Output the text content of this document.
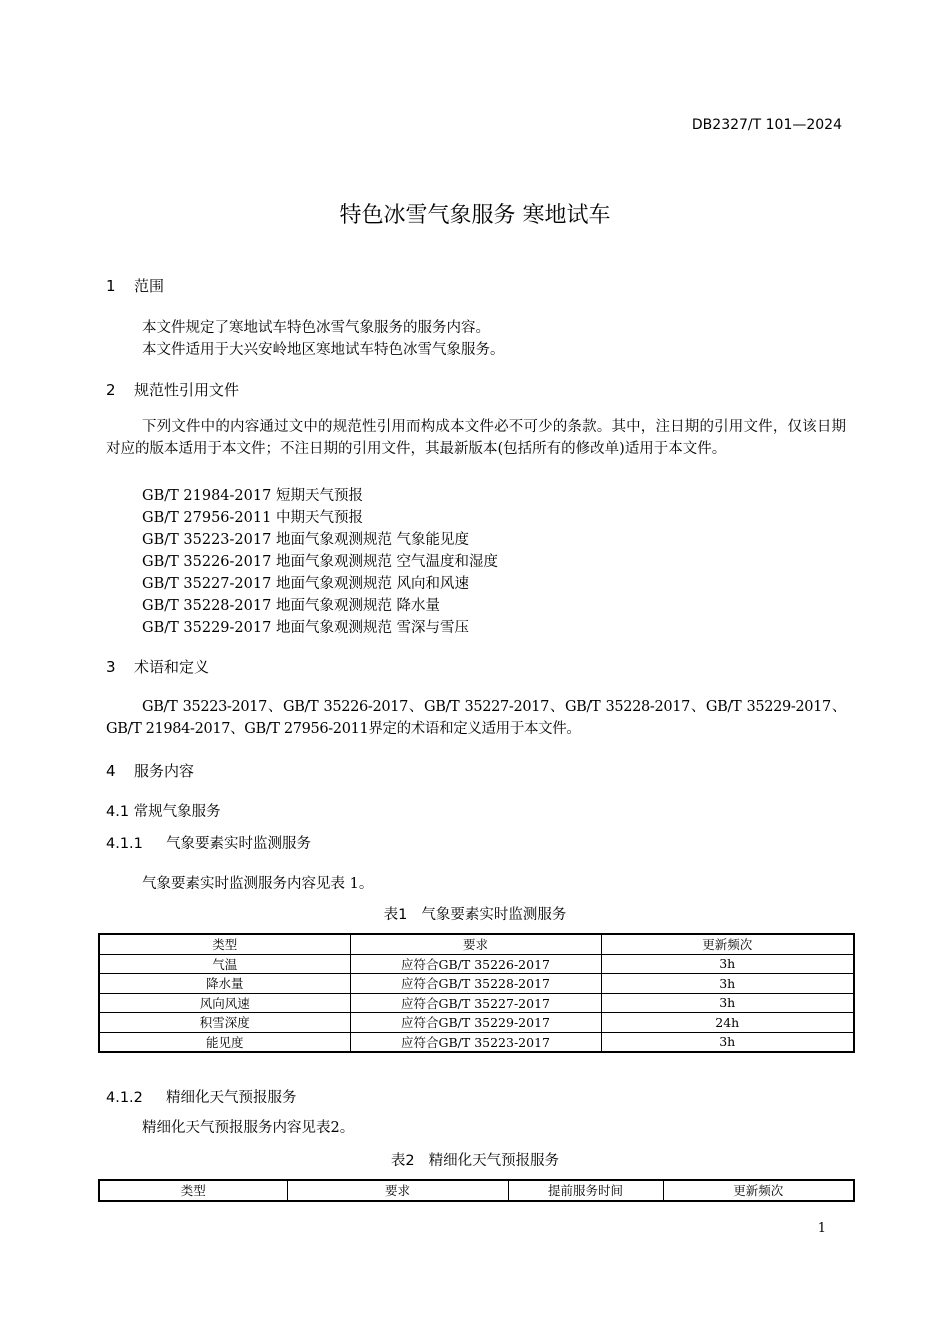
DB2327/T 101—2024
特色冰雪气象服务 寒地试车
1 范围
本文件规定了寒地试车特色冰雪气象服务的服务内容。
本文件适用于大兴安岭地区寒地试车特色冰雪气象服务。
2 规范性引用文件
下列文件中的内容通过文中的规范性引用而构成本文件必不可少的条款。其中，注日期的引用文件，仅该日期对应的版本适用于本文件；不注日期的引用文件，其最新版本(包括所有的修改单)适用于本文件。
GB/T 21984-2017 短期天气预报
GB/T 27956-2011 中期天气预报
GB/T 35223-2017 地面气象观测规范 气象能见度
GB/T 35226-2017 地面气象观测规范 空气温度和湿度
GB/T 35227-2017 地面气象观测规范 风向和风速
GB/T 35228-2017 地面气象观测规范 降水量
GB/T 35229-2017 地面气象观测规范 雪深与雪压
3 术语和定义
GB/T 35223-2017、GB/T 35226-2017、GB/T 35227-2017、GB/T 35228-2017、GB/T 35229-2017、GB/T 21984-2017、GB/T 27956-2011界定的术语和定义适用于本文件。
4 服务内容
4.1 常规气象服务
4.1.1 气象要素实时监测服务
气象要素实时监测服务内容见表 1。
表1 气象要素实时监测服务
类型	要求	更新频次
气温	应符合GB/T 35226-2017	3h
降水量	应符合GB/T 35228-2017	3h
风向风速	应符合GB/T 35227-2017	3h
积雪深度	应符合GB/T 35229-2017	24h
能见度	应符合GB/T 35223-2017	3h
4.1.2 精细化天气预报服务
精细化天气预报服务内容见表2。
表2 精细化天气预报服务
类型	要求	提前服务时间	更新频次
1
